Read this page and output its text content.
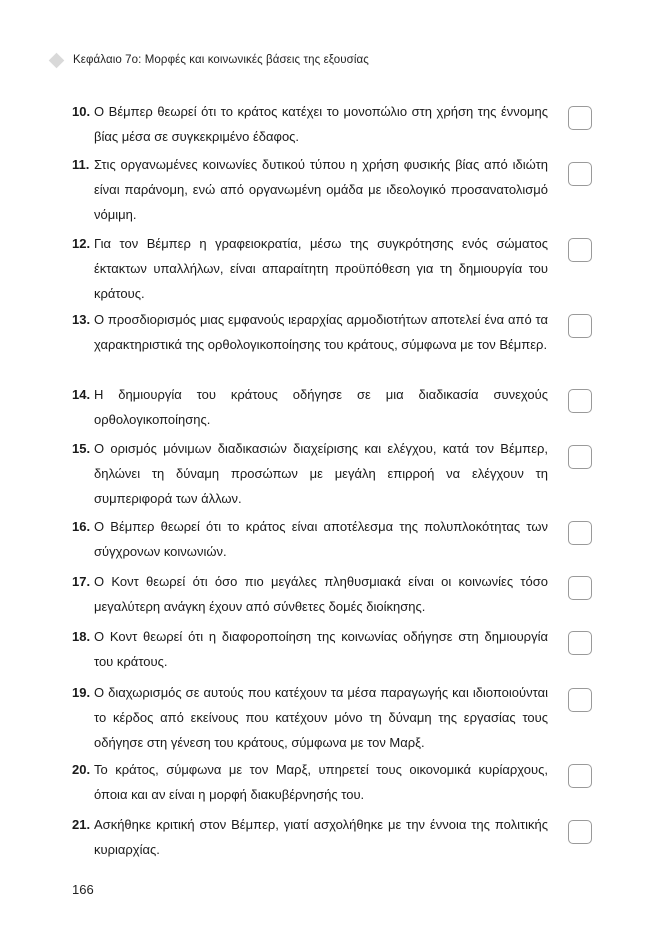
Κεφάλαιο 7ο: Μορφές και κοινωνικές βάσεις της εξουσίας
10. Ο Βέμπερ θεωρεί ότι το κράτος κατέχει το μονοπώλιο στη χρήση της έννομης βίας μέσα σε συγκεκριμένο έδαφος.
11. Στις οργανωμένες κοινωνίες δυτικού τύπου η χρήση φυσικής βίας από ιδιώτη είναι παράνομη, ενώ από οργανωμένη ομάδα με ιδεολογικό προσανατολισμό νόμιμη.
12. Για τον Βέμπερ η γραφειοκρατία, μέσω της συγκρότησης ενός σώματος έκτακτων υπαλλήλων, είναι απαραίτητη προϋπόθεση για τη δημιουργία του κράτους.
13. Ο προσδιορισμός μιας εμφανούς ιεραρχίας αρμοδιοτήτων αποτελεί ένα από τα χαρακτηριστικά της ορθολογικοποίησης του κράτους, σύμφωνα με τον Βέμπερ.
14. Η δημιουργία του κράτους οδήγησε σε μια διαδικασία συνεχούς ορθολογικοποίησης.
15. Ο ορισμός μόνιμων διαδικασιών διαχείρισης και ελέγχου, κατά τον Βέμπερ, δηλώνει τη δύναμη προσώπων με μεγάλη επιρροή να ελέγχουν τη συμπεριφορά των άλλων.
16. Ο Βέμπερ θεωρεί ότι το κράτος είναι αποτέλεσμα της πολυπλοκότητας των σύγχρονων κοινωνιών.
17. Ο Κοντ θεωρεί ότι όσο πιο μεγάλες πληθυσμιακά είναι οι κοινωνίες τόσο μεγαλύτερη ανάγκη έχουν από σύνθετες δομές διοίκησης.
18. Ο Κοντ θεωρεί ότι η διαφοροποίηση της κοινωνίας οδήγησε στη δημιουργία του κράτους.
19. Ο διαχωρισμός σε αυτούς που κατέχουν τα μέσα παραγωγής και ιδιοποιούνται το κέρδος από εκείνους που κατέχουν μόνο τη δύναμη της εργασίας τους οδήγησε στη γένεση του κράτους, σύμφωνα με τον Μαρξ.
20. Το κράτος, σύμφωνα με τον Μαρξ, υπηρετεί τους οικονομικά κυρίαρχους, όποια και αν είναι η μορφή διακυβέρνησής του.
21. Ασκήθηκε κριτική στον Βέμπερ, γιατί ασχολήθηκε με την έννοια της πολιτικής κυριαρχίας.
166
